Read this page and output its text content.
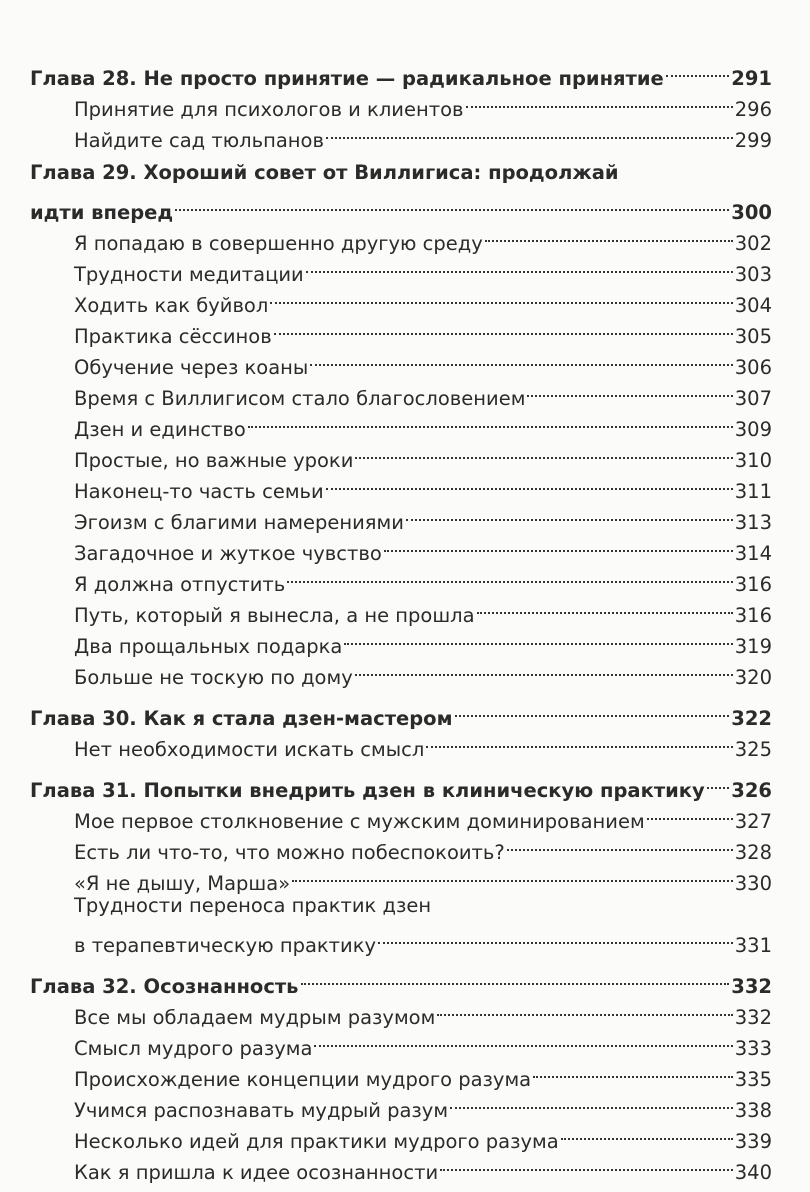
Глава 28. Не просто принятие — радикальное принятие	291
Принятие для психологов и клиентов	296
Найдите сад тюльпанов	299
Глава 29. Хороший совет от Виллигиса: продолжай
идти вперед	300
Я попадаю в совершенно другую среду	302
Трудности медитации	303
Ходить как буйвол	304
Практика сёссинов	305
Обучение через коаны	306
Время с Виллигисом стало благословением	307
Дзен и единство	309
Простые, но важные уроки	310
Наконец-то часть семьи	311
Эгоизм с благими намерениями	313
Загадочное и жуткое чувство	314
Я должна отпустить	316
Путь, который я вынесла, а не прошла	316
Два прощальных подарка	319
Больше не тоскую по дому	320
Глава 30. Как я стала дзен-мастером	322
Нет необходимости искать смысл	325
Глава 31. Попытки внедрить дзен в клиническую практику 326
Мое первое столкновение с мужским доминированием	327
Есть ли что-то, что можно побеспокоить?	328
«Я не дышу, Марша»	330
Трудности переноса практик дзен
в терапевтическую практику	331
Глава 32. Осознанность	332
Все мы обладаем мудрым разумом	332
Смысл мудрого разума	333
Происхождение концепции мудрого разума	335
Учимся распознавать мудрый разум	338
Несколько идей для практики мудрого разума	339
Как я пришла к идее осознанности	340
